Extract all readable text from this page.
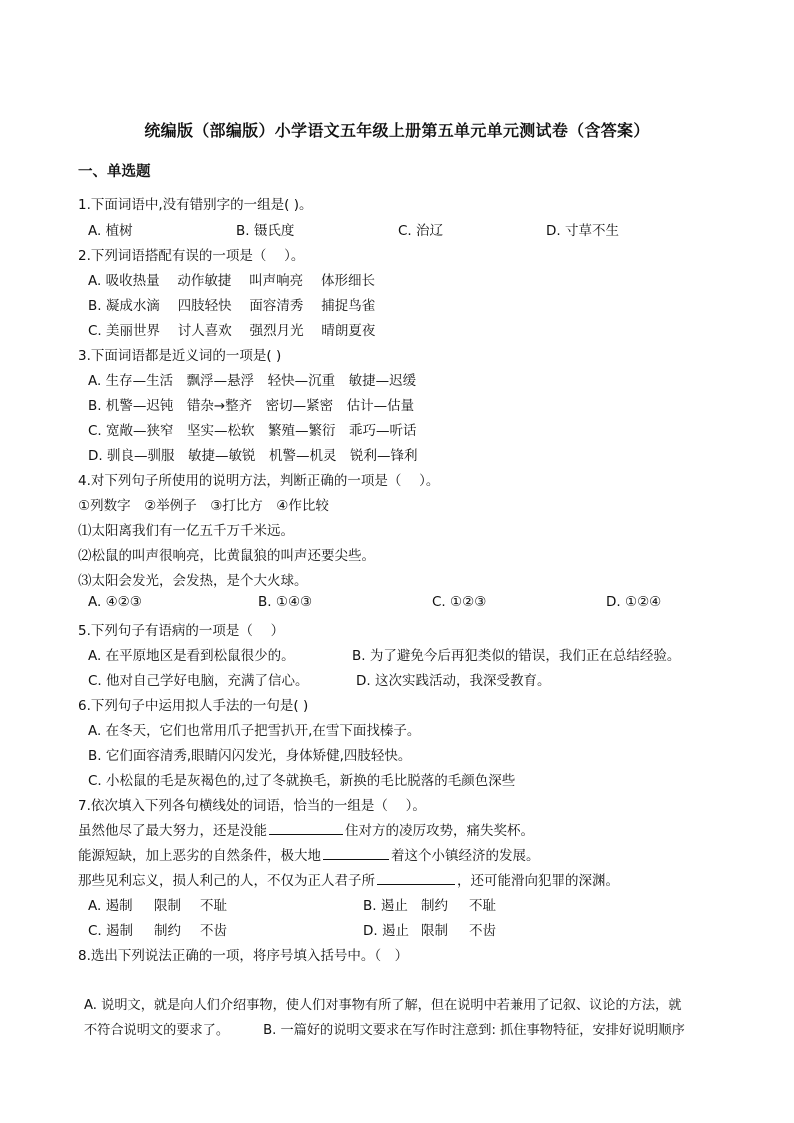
统编版（部编版）小学语文五年级上册第五单元单元测试卷（含答案）
一、单选题
1.下面词语中,没有错别字的一组是( )。
A. 植树	B. 镊氏度	C. 治辽	D. 寸草不生
2.下列词语搭配有误的一项是（　 ）。
A. 吸收热量　 动作敏捷　 叫声响亮　 体形细长
B. 凝成水滴　 四肢轻快　 面容清秀　 捕捉鸟雀
C. 美丽世界　 讨人喜欢　 强烈月光　 晴朗夏夜
3.下面词语都是近义词的一项是( )
A. 生存—生活　飘浮—悬浮　轻快—沉重　敏捷—迟缓
B. 机警—迟钝　错杂→整齐　密切—紧密　估计—估量
C. 宽敞—狭窄　坚实—松软　繁殖—繁衍　乖巧—听话
D. 驯良—驯服　敏捷—敏锐　机警—机灵　锐利—锋利
4.对下列句子所使用的说明方法，判断正确的一项是（　 ）。
①列数字　②举例子　③打比方　④作比较
⑴太阳离我们有一亿五千万千米远。
⑵松鼠的叫声很响亮，比黄鼠狼的叫声还要尖些。
⑶太阳会发光，会发热，是个大火球。
A. ④②③	B. ①④③	C. ①②③	D. ①②④
5.下列句子有语病的一项是（　 ）
A. 在平原地区是看到松鼠很少的。	B. 为了避免今后再犯类似的错误，我们正在总结经验。
C. 他对自己学好电脑，充满了信心。	D. 这次实践活动，我深受教育。
6.下列句子中运用拟人手法的一句是( )
A. 在冬天，它们也常用爪子把雪扒开,在雪下面找榛子。
B. 它们面容清秀,眼睛闪闪发光，身体矫健,四肢轻快。
C. 小松鼠的毛是灰褐色的,过了冬就换毛，新换的毛比脱落的毛颜色深些
7.依次填入下列各句横线处的词语，恰当的一组是（　 ）。
虽然他尽了最大努力，还是没能	住对方的凌厉攻势，痛失奖杯。
能源短缺，加上恶劣的自然条件，极大地	着这个小镇经济的发展。
那些见利忘义，损人利己的人，不仅为正人君子所	，还可能滑向犯罪的深渊。
A. 遏制 限制 不耻	B. 遏止 制约 不耻
C. 遏制 制约 不齿	D. 遏止 限制 不齿
8.选出下列说法正确的一项，将序号填入括号中。（　）
A. 说明文，就是向人们介绍事物，使人们对事物有所了解，但在说明中若兼用了记叙、议论的方法，就
不符合说明文的要求了。	B. 一篇好的说明文要求在写作时注意到: 抓住事物特征，安排好说明顺序
